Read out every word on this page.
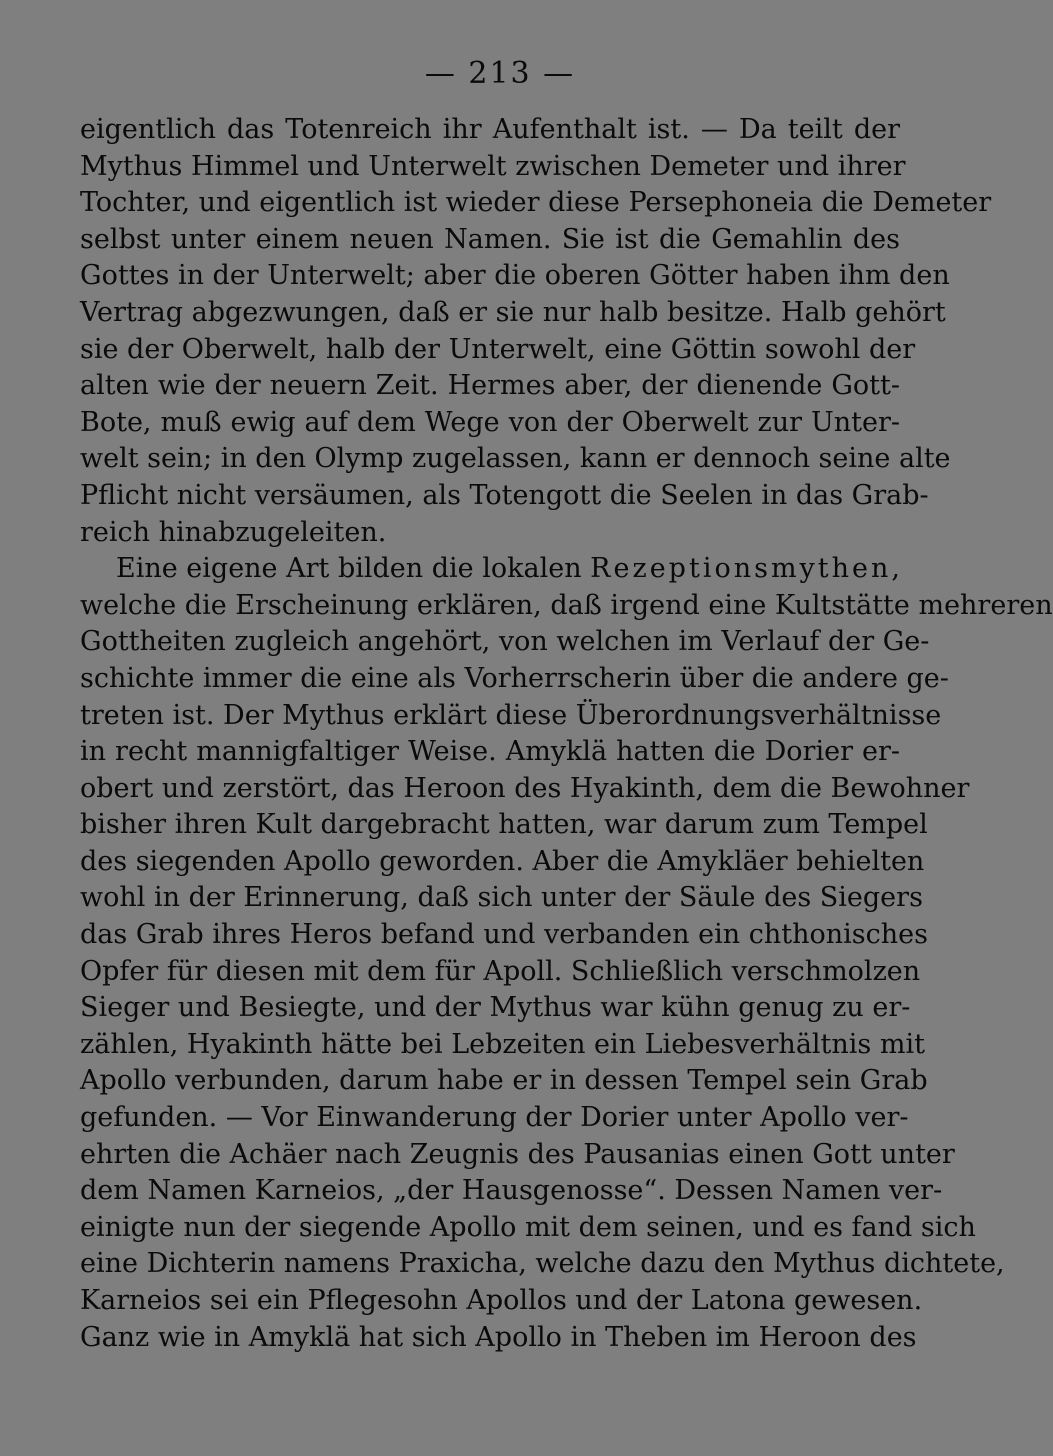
— 213 —
eigentlich das Totenreich ihr Aufenthalt ist. — Da teilt der
Mythus Himmel und Unterwelt zwischen Demeter und ihrer
Tochter, und eigentlich ist wieder diese Persephoneia die Demeter
selbst unter einem neuen Namen. Sie ist die Gemahlin des
Gottes in der Unterwelt; aber die oberen Götter haben ihm den
Vertrag abgezwungen, daß er sie nur halb besitze. Halb gehört
sie der Oberwelt, halb der Unterwelt, eine Göttin sowohl der
alten wie der neuern Zeit. Hermes aber, der dienende Gott-
Bote, muß ewig auf dem Wege von der Oberwelt zur Unter-
welt sein; in den Olymp zugelassen, kann er dennoch seine alte
Pflicht nicht versäumen, als Totengott die Seelen in das Grab-
reich hinabzugeleiten.
Eine eigene Art bilden die lokalen Rezeptionsmythen,
welche die Erscheinung erklären, daß irgend eine Kultstätte mehreren
Gottheiten zugleich angehört, von welchen im Verlauf der Ge-
schichte immer die eine als Vorherrscherin über die andere ge-
treten ist. Der Mythus erklärt diese Überordnungsverhältnisse
in recht mannigfaltiger Weise. Amyklä hatten die Dorier er-
obert und zerstört, das Heroon des Hyakinth, dem die Bewohner
bisher ihren Kult dargebracht hatten, war darum zum Tempel
des siegenden Apollo geworden. Aber die Amykläer behielten
wohl in der Erinnerung, daß sich unter der Säule des Siegers
das Grab ihres Heros befand und verbanden ein chthonisches
Opfer für diesen mit dem für Apoll. Schließlich verschmolzen
Sieger und Besiegte, und der Mythus war kühn genug zu er-
zählen, Hyakinth hätte bei Lebzeiten ein Liebesverhältnis mit
Apollo verbunden, darum habe er in dessen Tempel sein Grab
gefunden. — Vor Einwanderung der Dorier unter Apollo ver-
ehrten die Achäer nach Zeugnis des Pausanias einen Gott unter
dem Namen Karneios, „der Hausgenosse“. Dessen Namen ver-
einigte nun der siegende Apollo mit dem seinen, und es fand sich
eine Dichterin namens Praxicha, welche dazu den Mythus dichtete,
Karneios sei ein Pflegesohn Apollos und der Latona gewesen.
Ganz wie in Amyklä hat sich Apollo in Theben im Heroon des
